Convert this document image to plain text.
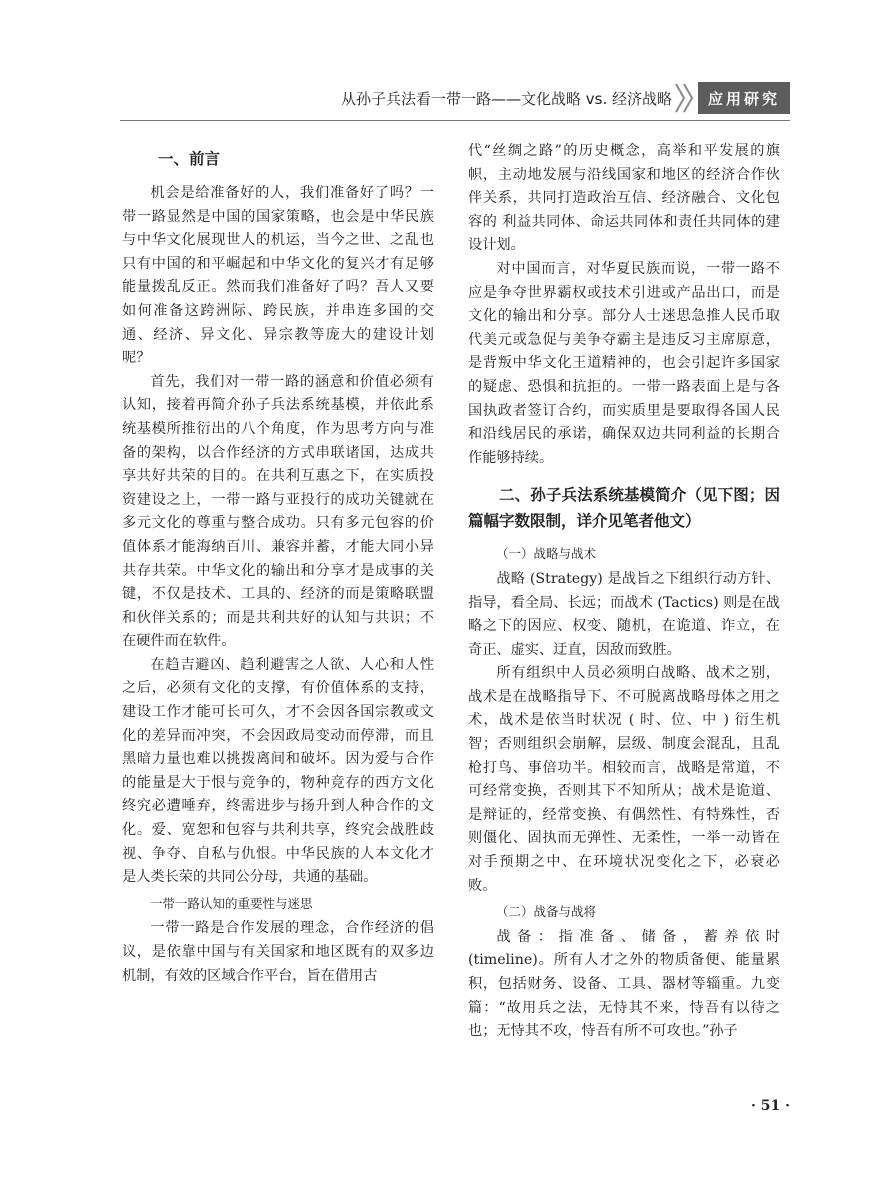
从孙子兵法看一带一路——文化战略 vs. 经济战略	应用研究
一、前言

机会是给准备好的人，我们准备好了吗？一带一路显然是中国的国家策略，也会是中华民族与中华文化展现世人的机运，当今之世、之乱也只有中国的和平崛起和中华文化的复兴才有足够能量拨乱反正。然而我们准备好了吗？吾人又要如何准备这跨洲际、跨民族，并串连多国的交通、经济、异文化、异宗教等庞大的建设计划呢？

首先，我们对一带一路的涵意和价值必须有认知，接着再简介孙子兵法系统基模，并依此系统基模所推衍出的八个角度，作为思考方向与准备的架构，以合作经济的方式串联诸国，达成共享共好共荣的目的。在共利互惠之下，在实质投资建设之上，一带一路与亚投行的成功关键就在多元文化的尊重与整合成功。只有多元包容的价值体系才能海纳百川、兼容并蓄，才能大同小异共存共荣。中华文化的输出和分享才是成事的关键，不仅是技术、工具的、经济的而是策略联盟和伙伴关系的；而是共利共好的认知与共识；不在硬件而在软件。

在趋吉避凶、趋利避害之人欲、人心和人性之后，必须有文化的支撑，有价值体系的支持，建设工作才能可长可久，才不会因各国宗教或文化的差异而冲突，不会因政局变动而停滞，而且黑暗力量也难以挑拨离间和破坏。因为爱与合作的能量是大于恨与竞争的，物种竞存的西方文化终究必遭唾弃，终需进步与扬升到人种合作的文化。爱、宽恕和包容与共利共享，终究会战胜歧视、争夺、自私与仇恨。中华民族的人本文化才是人类长荣的共同公分母，共通的基础。

一带一路认知的重要性与迷思

一带一路是合作发展的理念，合作经济的倡议，是依靠中国与有关国家和地区既有的双多边机制，有效的区域合作平台，旨在借用古

代“丝绸之路”的历史概念，高举和平发展的旗帜，主动地发展与沿线国家和地区的经济合作伙伴关系，共同打造政治互信、经济融合、文化包容的 利益共同体、命运共同体和责任共同体的建设计划。

对中国而言，对华夏民族而说，一带一路不应是争夺世界霸权或技术引进或产品出口，而是文化的输出和分享。部分人士迷思急推人民币取代美元或急促与美争夺霸主是违反习主席原意，是背叛中华文化王道精神的，也会引起许多国家的疑虑、恐惧和抗拒的。一带一路表面上是与各国执政者签订合约，而实质里是要取得各国人民和沿线居民的承诺，确保双边共同利益的长期合作能够持续。

二、孙子兵法系统基模简介（见下图；因篇幅字数限制，详介见笔者他文）
（一）战略与战术

战略 (Strategy) 是战旨之下组织行动方针、指导，看全局、长远；而战术 (Tactics) 则是在战略之下的因应、权变、随机，在诡道、诈立，在奇正、虚实、迂直，因敌而致胜。

所有组织中人员必须明白战略、战术之别，战术是在战略指导下、不可脱离战略母体之用之术，战术是依当时状况 ( 时、位、中 ) 衍生机智；否则组织会崩解，层级、制度会混乱，且乱枪打鸟、事倍功半。相较而言，战略是常道，不可经常变换，否则其下不知所从；战术是诡道、是辩证的，经常变换、有偶然性、有特殊性，否则僵化、固执而无弹性、无柔性，一举一动皆在对手预期之中、在环境状况变化之下，必衰必败。

（二）战备与战将

战备：指准备、储备，蓄养依时 (timeline)。所有人才之外的物质备便、能量累积，包括财务、设备、工具、器材等辎重。九变篇：“故用兵之法，无恃其不来，恃吾有以待之也；无恃其不攻，恃吾有所不可攻也。”孙子

· 51 ·
